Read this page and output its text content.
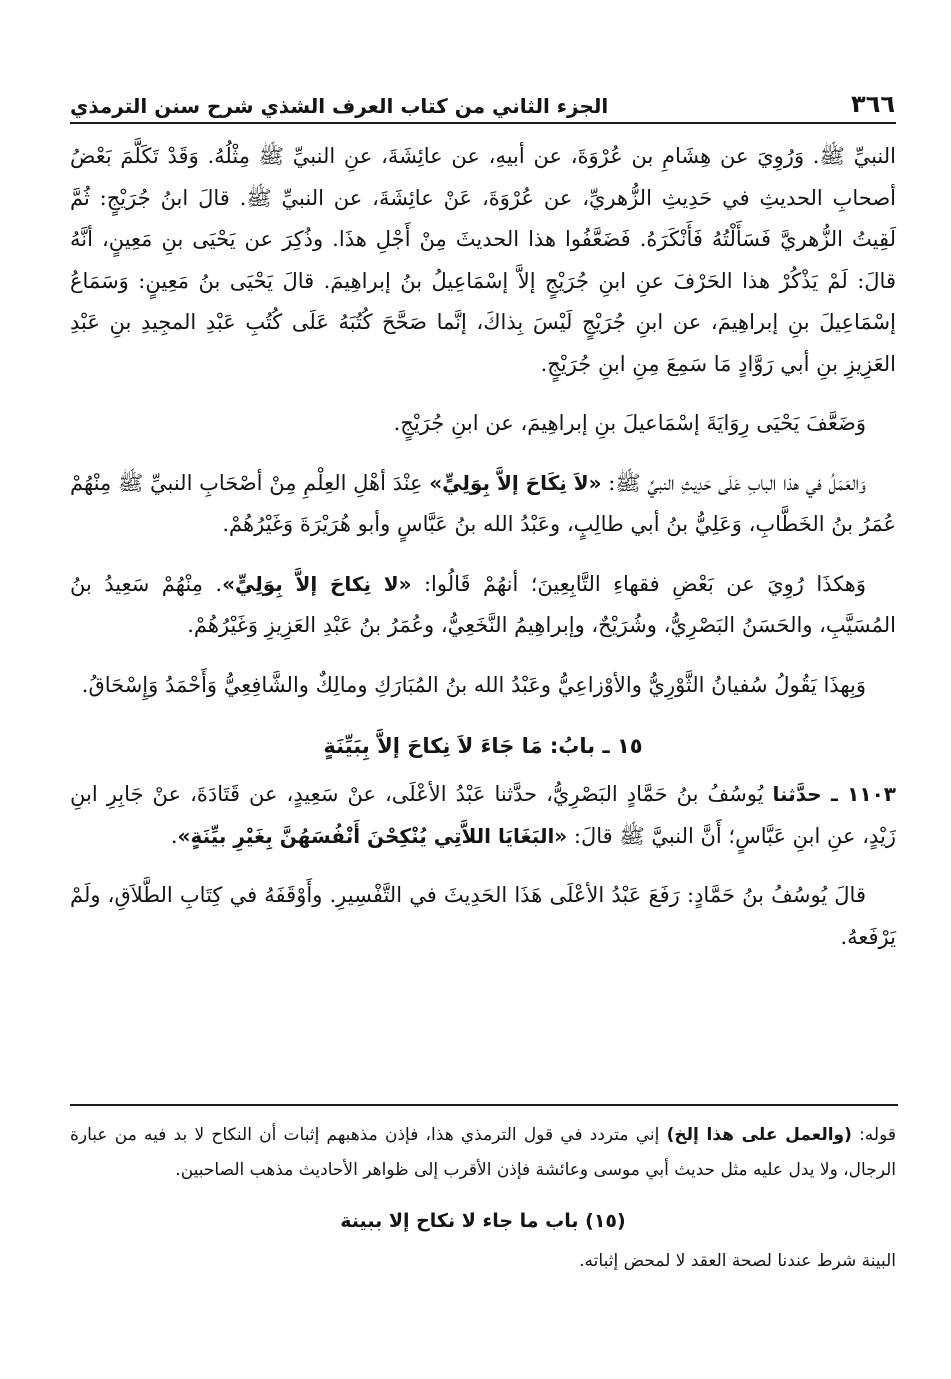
٣٦٦
الجزء الثاني من كتاب العرف الشذي شرح سنن الترمذي

النبيِّ ﷺ. وَرُوِيَ عن هِشَامِ بن عُرْوَةَ، عن أبيهِ، عن عائِشَةَ، عنِ النبيِّ ﷺ مِثْلُهُ. وَقَدْ تَكَلَّمَ بَعْضُ أصحابِ الحديثِ في حَدِيثِ الزُّهريِّ، عن عُرْوَةَ، عَنْ عائِشَةَ، عن النبيِّ ﷺ. قالَ ابنُ جُرَيْجٍ: ثُمَّ لَقِيتُ الزُّهريَّ فَسَأَلْتُهُ فَأَنْكَرَهُ. فَضَعَّفُوا هذا الحديثَ مِنْ أَجْلِ هذَا. وذُكِرَ عن يَحْيَى بنِ مَعِينٍ، أنَّهُ قالَ: لَمْ يَذْكُرْ هذا الحَرْفَ عنِ ابنِ جُرَيْجٍ إلاَّ إسْمَاعِيلُ بنُ إبراهِيمَ. قالَ يَحْيَى بنُ مَعِينٍ: وَسَمَاعُ إسْمَاعِيلَ بنِ إبراهِيمَ، عن ابنِ جُرَيْجٍ لَيْسَ بِذاكَ، إنَّما صَحَّحَ كُتُبَهُ عَلَى كُتُبِ عَبْدِ المجِيدِ بنِ عَبْدِ العَزِيزِ بنِ أبي رَوَّادٍ مَا سَمِعَ مِنِ ابنِ جُرَيْجٍ.

وَضَعَّفَ يَحْيَى رِوَايَةَ إسْمَاعيلَ بنِ إبراهِيمَ، عن ابنِ جُرَيْجٍ.

وَالعَمَلُ في هذا البابِ عَلَى حَدِيثِ النبيِّ ﷺ: «لاَ نِكَاحَ إلاَّ بِوَلِيٍّ» عِنْدَ أهْلِ العِلْمِ مِنْ أصْحَابِ النبيِّ ﷺ مِنْهُمْ عُمَرُ بنُ الخَطَّابِ، وَعَلِيُّ بنُ أبي طالِبٍ، وعَبْدُ الله بنُ عَبَّاسٍ وأبو هُرَيْرَةَ وَغَيْرُهُمْ.

وَهكذَا رُوِيَ عن بَعْضِ فقهاءِ التَّابِعِينَ؛ أنهُمْ قَالُوا: «لا نِكاحَ إلاَّ بِوَلِيٍّ». مِنْهُمْ سَعِيدُ بنُ المُسَيَّبِ، والحَسَنُ البَصْرِيُّ، وشُرَيْحٌ، وإبراهِيمُ النَّخَعِيُّ، وعُمَرُ بنُ عَبْدِ العَزِيزِ وَغَيْرُهُمْ.

وَبِهذَا يَقُولُ سُفيانُ الثَّوْرِيُّ والأوْزاعِيُّ وعَبْدُ الله بنُ المُبَارَكِ ومالِكٌ والشَّافِعِيُّ وَأَحْمَدُ وَإِسْحَاقُ.

١٥ ـ بابُ: مَا جَاءَ لاَ نِكاحَ إلاَّ بِبَيِّنَةٍ

١١٠٣ ـ حدَّثنا يُوسُفُ بنُ حَمَّادٍ البَصْرِيُّ، حدَّثنا عَبْدُ الأعْلَى، عنْ سَعِيدٍ، عن قَتَادَةَ، عنْ جَابِرِ ابنِ زَيْدٍ، عنِ ابنِ عَبَّاسٍ؛ أَنَّ النبيَّ ﷺ قالَ: «البَغَايَا اللاَّتِي يُنْكِحْنَ أَنْفُسَهُنَّ بِغَيْرِ بيِّنَةٍ».

قالَ يُوسُفُ بنُ حَمَّادٍ: رَفَعَ عَبْدُ الأعْلَى هَذَا الحَدِيثَ في التَّفْسِيرِ. وأَوْقَفَهُ في كِتَابِ الطَّلاَقِ، ولَمْ يَرْفَعهُ.

قوله: (والعمل على هذا إلخ) إني متردد في قول الترمذي هذا، فإذن مذهبهم إثبات أن النكاح لا بد فيه من عبارة الرجال، ولا يدل عليه مثل حديث أبي موسى وعائشة فإذن الأقرب إلى ظواهر الأحاديث مذهب الصاحبين.

(١٥) باب ما جاء لا نكاح إلا ببينة

البينة شرط عندنا لصحة العقد لا لمحض إثباته.
